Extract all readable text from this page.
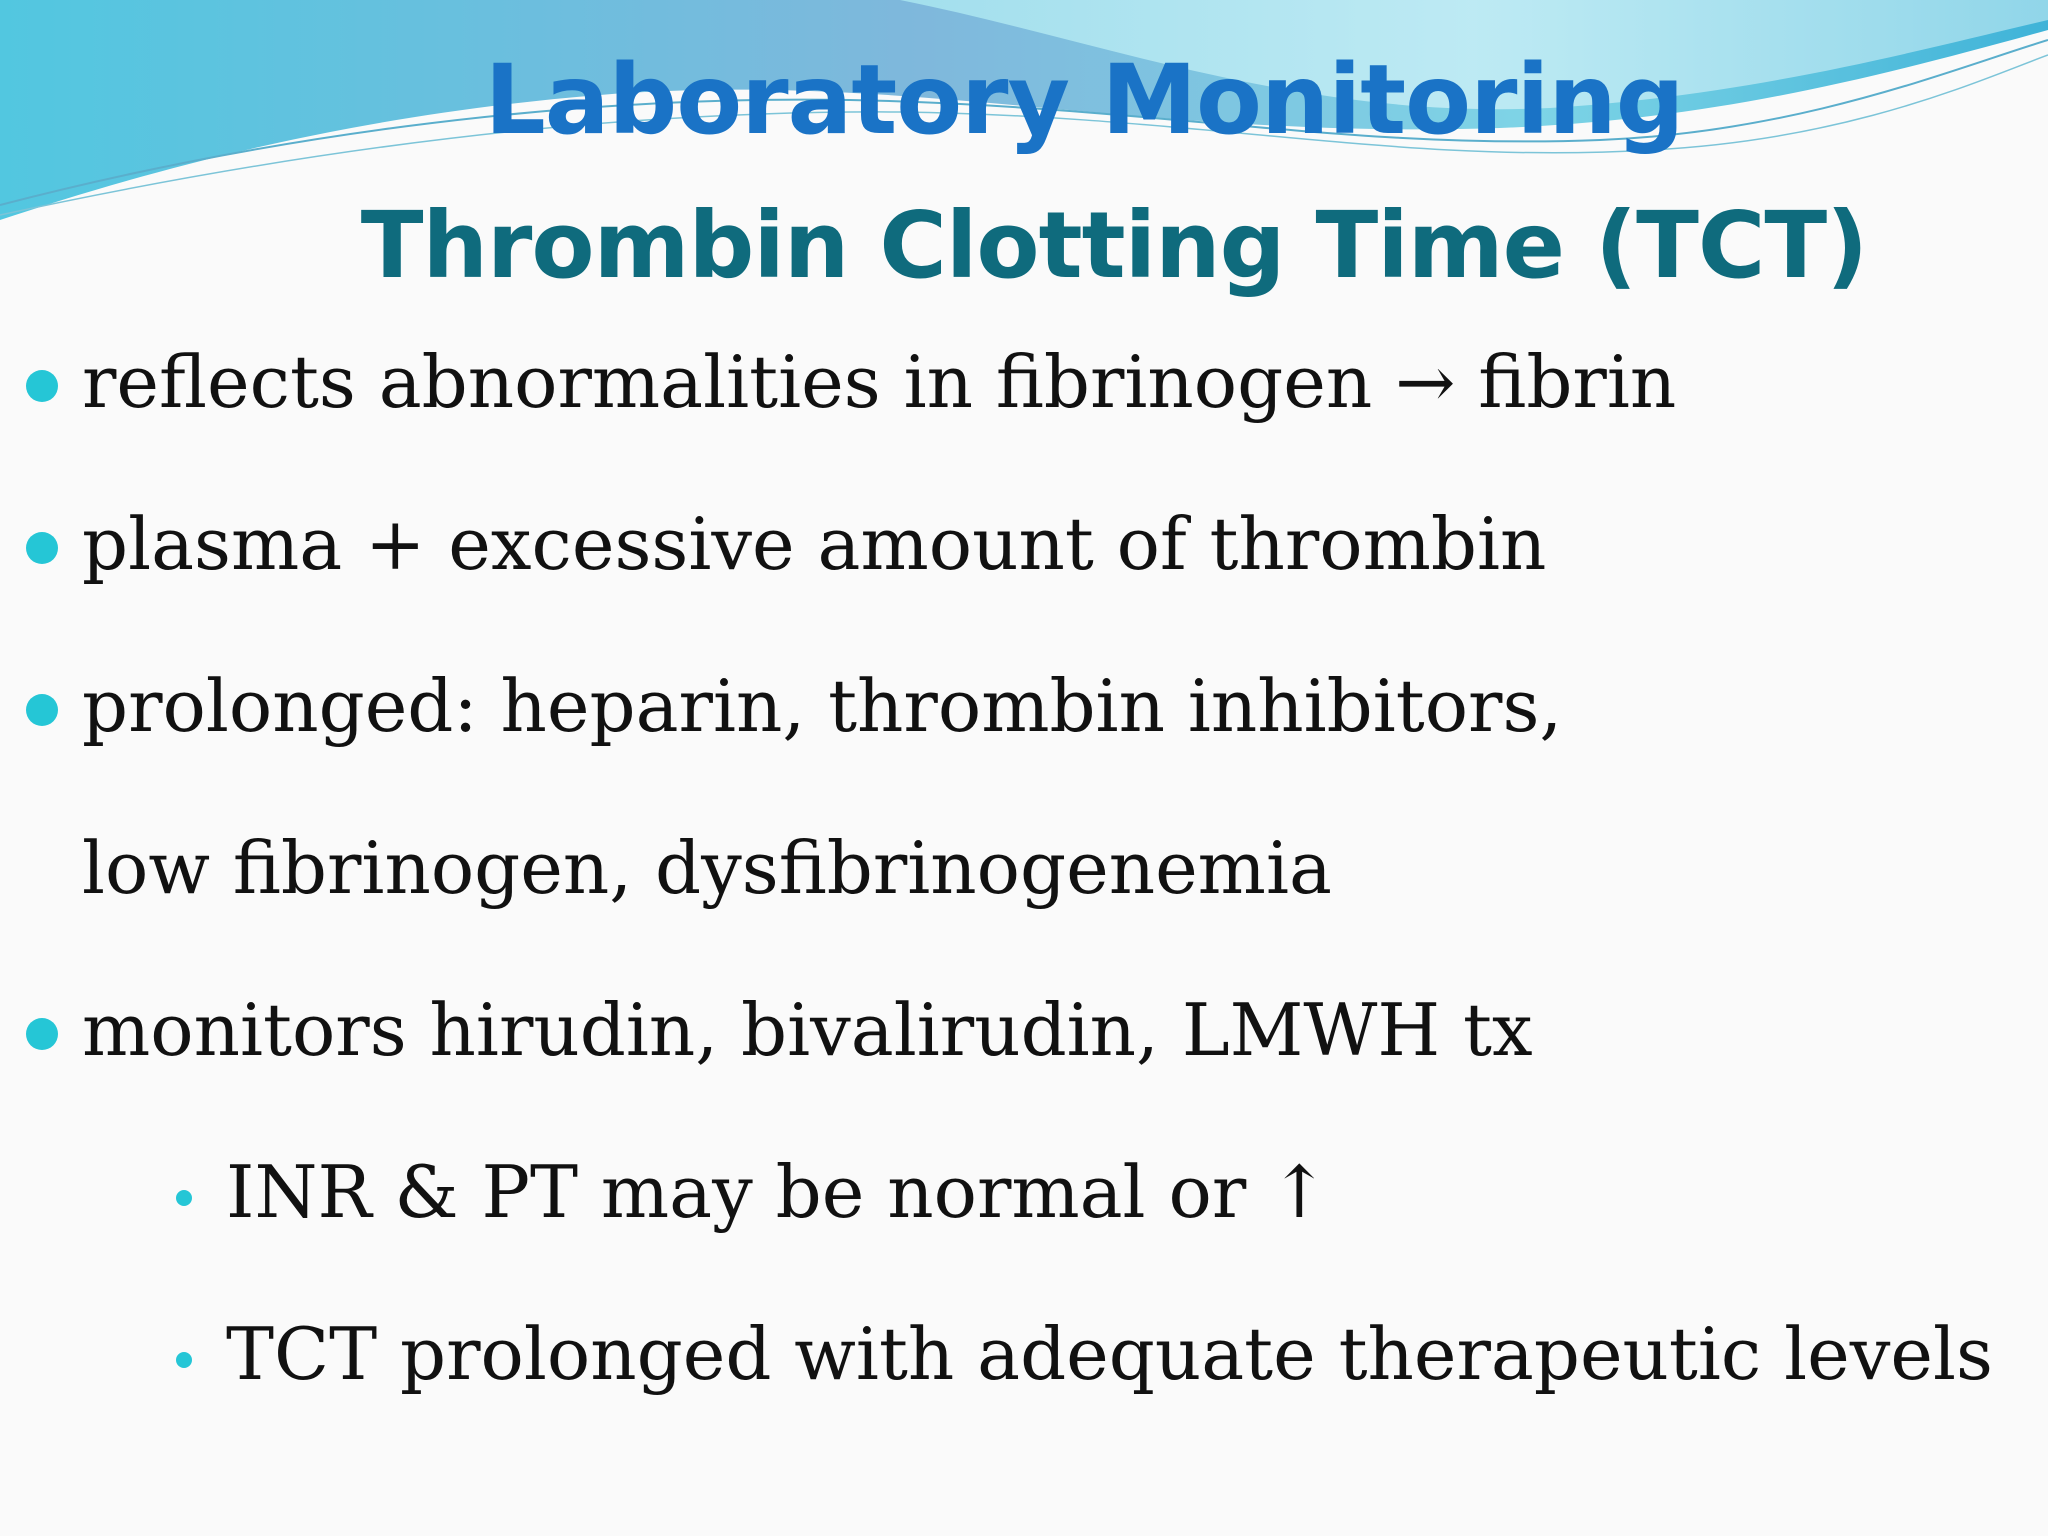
Laboratory Monitoring
Thrombin Clotting Time (TCT)
reflects abnormalities in fibrinogen → fibrin
plasma + excessive amount of thrombin
prolonged: heparin, thrombin inhibitors,
low fibrinogen, dysfibrinogenemia
monitors hirudin, bivalirudin, LMWH tx
INR & PT may be normal or ↑
TCT prolonged with adequate therapeutic levels
